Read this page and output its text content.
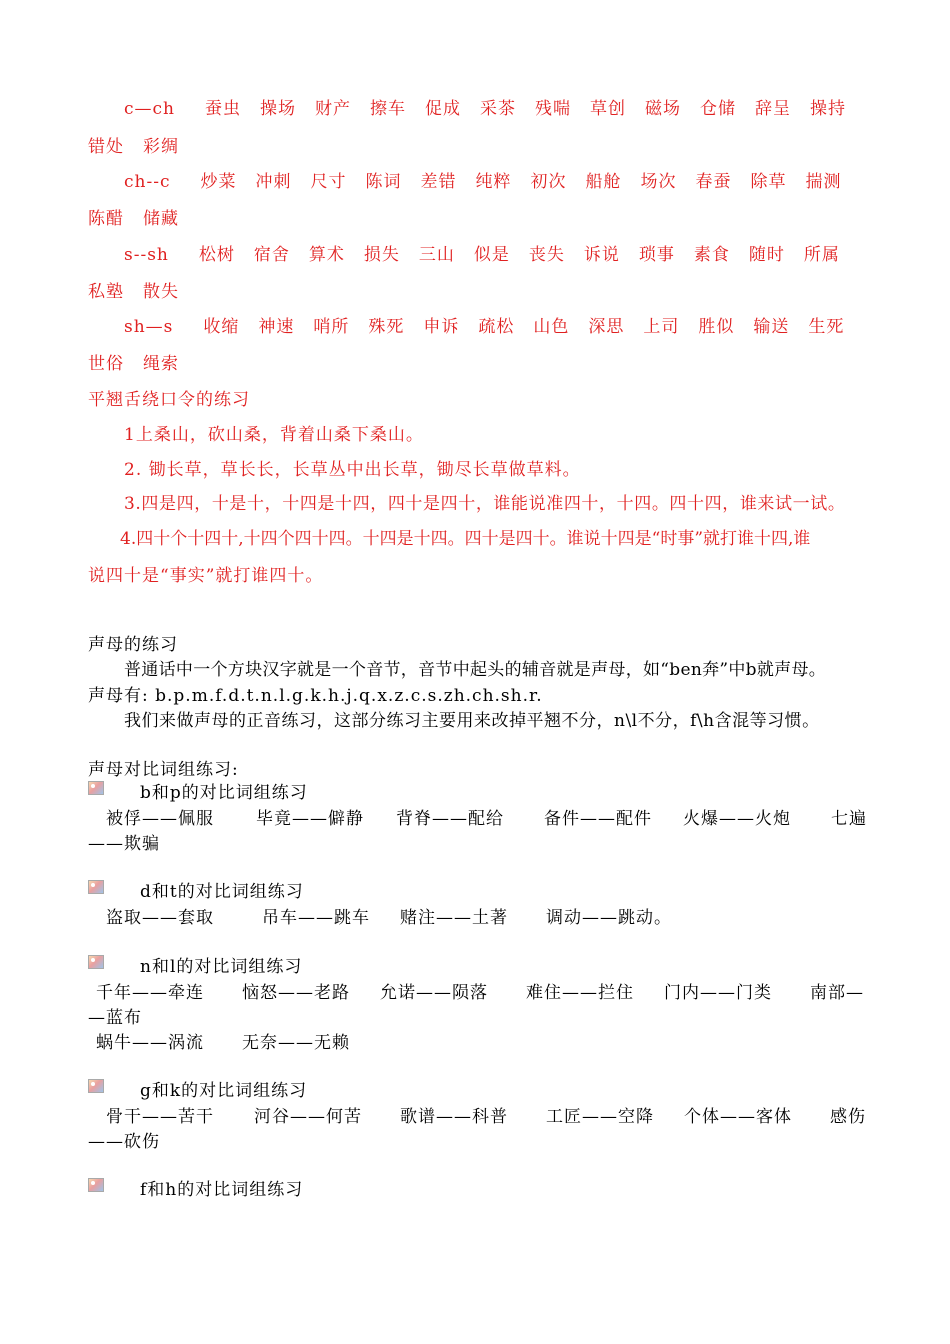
c—ch 蚕虫 操场 财产 擦车 促成 采茶 残喘 草创 磁场 仓储 辞呈 操持
错处 彩绸
ch--c 炒菜 冲刺 尺寸 陈词 差错 纯粹 初次 船舱 场次 春蚕 除草 揣测
陈醋 储藏
s--sh 松树 宿舍 算术 损失 三山 似是 丧失 诉说 琐事 素食 随时 所属
私塾 散失
sh—s 收缩 神速 哨所 殊死 申诉 疏松 山色 深思 上司 胜似 输送 生死
世俗 绳索
平翘舌绕口令的练习
1上桑山，砍山桑，背着山桑下桑山。
2. 锄长草，草长长，长草丛中出长草，锄尽长草做草料。
3.四是四，十是十，十四是十四，四十是四十，谁能说准四十，十四。四十四，谁来试一试。
4.四十个十四十,十四个四十四。十四是十四。四十是四十。谁说十四是“时事”就打谁十四,谁
说四十是“事实”就打谁四十。
声母的练习
普通话中一个方块汉字就是一个音节，音节中起头的辅音就是声母，如“ben奔”中b就声母。
声母有: b.p.m.f.d.t.n.l.g.k.h.j.q.x.z.c.s.zh.ch.sh.r.
我们来做声母的正音练习，这部分练习主要用来改掉平翘不分，n\l不分，f\h含混等习惯。
声母对比词组练习:
b和p的对比词组练习
被俘——佩服 毕竟——僻静 背脊——配给 备件——配件 火爆——火炮 七遍
——欺骗
d和t的对比词组练习
盗取——套取	吊车——跳车 赌注——土著 调动——跳动。
n和l的对比词组练习
千年——牵连 恼怒——老路 允诺——陨落 难住——拦住 门内——门类 南部—
—蓝布
蜗牛——涡流 无奈——无赖
g和k的对比词组练习
骨干——苦干 河谷——何苦 歌谱——科普 工匠——空降 个体——客体 感伤
——砍伤
f和h的对比词组练习
